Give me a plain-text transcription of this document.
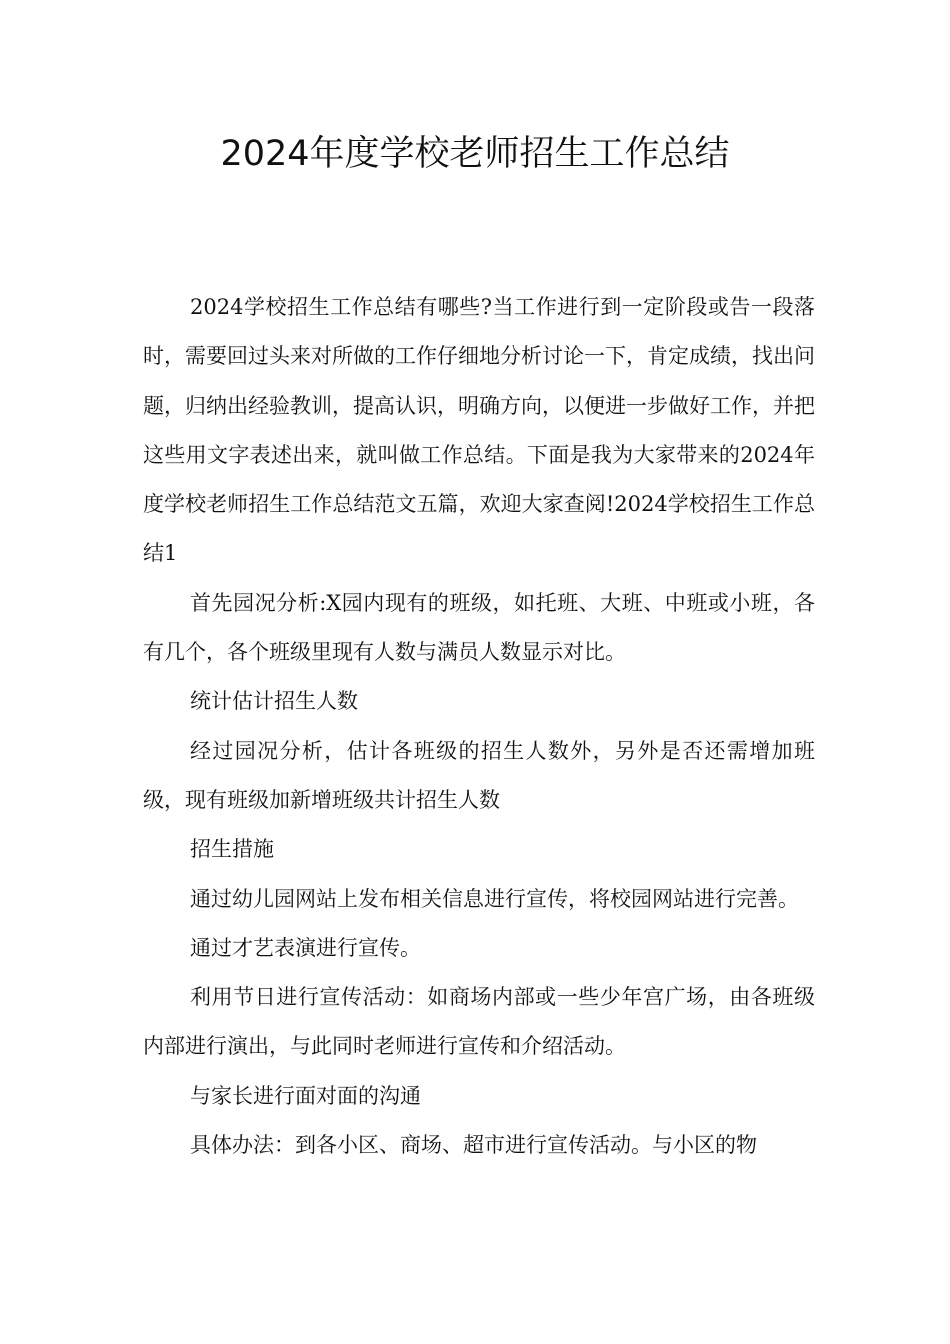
2024年度学校老师招生工作总结

2024学校招生工作总结有哪些?当工作进行到一定阶段或告一段落时，需要回过头来对所做的工作仔细地分析讨论一下，肯定成绩，找出问题，归纳出经验教训，提高认识，明确方向，以便进一步做好工作，并把这些用文字表述出来，就叫做工作总结。下面是我为大家带来的2024年度学校老师招生工作总结范文五篇，欢迎大家查阅!2024学校招生工作总结1

首先园况分析:X园内现有的班级，如托班、大班、中班或小班，各有几个，各个班级里现有人数与满员人数显示对比。

统计估计招生人数

经过园况分析，估计各班级的招生人数外，另外是否还需增加班级，现有班级加新增班级共计招生人数

招生措施

通过幼儿园网站上发布相关信息进行宣传，将校园网站进行完善。

通过才艺表演进行宣传。

利用节日进行宣传活动：如商场内部或一些少年宫广场，由各班级内部进行演出，与此同时老师进行宣传和介绍活动。

与家长进行面对面的沟通

具体办法：到各小区、商场、超市进行宣传活动。与小区的物
